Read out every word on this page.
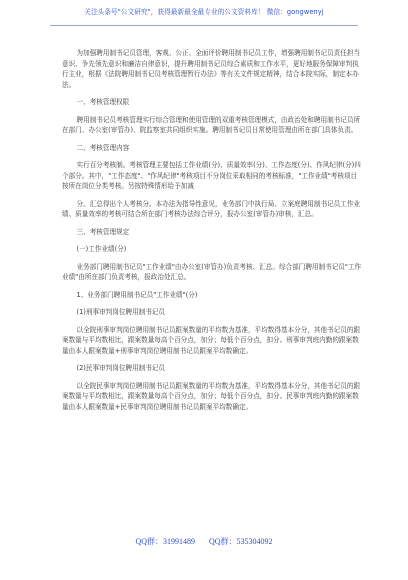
关注头条号"公文研究"，获得最新最全最专业的公文资料库！ 微信：gongwenyj

为加强聘用制书记员管理，客观、公正、全面评价聘用制书记员工作，增强聘用制书记员责任担当意识、争先领先意识和廉洁自律意识，提升聘用制书记员综合素质和工作水平，更好地服务保障审判执行主业，根据《法院聘用制书记员考核管理暂行办法》等有关文件规定精神，结合本院实际，制定本办法。

一、考核管理权限

聘用制书记员考核管理实行综合管理和使用管理的双重考核管理模式，由政治处和聘用制书记员所在部门、办公室(审管办)、院监察室共同组织实施。聘用制书记员日常使用管理由所在部门具体负责。

二、考核管理内容

实行百分考核制。考核管理主要包括工作业绩(分)、质量效率(分)、工作态度(分)、作风纪律(分)四个部分。其中，"工作态度"、"作风纪律"考核项目不分岗位采取相同的考核标准，"工作业绩"考核项目按所在岗位分类考核。另按特殊情形给予加减

分。汇总得出个人考核分。本办法为指导性意见，业务部门中执行局、立案庭聘用制书记员工作业绩、质量效率的考核可结合所在部门考核办法综合评分，报办公室(审管办)审核，汇总。

三、考核管理规定

(一)工作业绩(分)

业务部门聘用制书记员"工作业绩"由办公室(审管办)负责考核、汇总。综合部门聘用制书记员"工作业绩"由所在部门负责考核，报政治处汇总。

1、业务部门聘用制书记员"工作业绩"(分)

(1)刑事审判岗位聘用制书记员

以全院刑事审判岗位聘用制书记员跟案数量的平均数为基准，平均数得基本分分，其他书记员的跟案数量与平均数相比，跟案数量每高个百分点，加分；每低个百分点，扣分。刑事审判庭内勤的跟案数量由本人跟案数量+刑事审判岗位聘用制书记员跟案平均数确定。

(2)民事审判岗位聘用制书记员

以全院民事审判岗位聘用制书记员跟案数量的平均数为基准，平均数得基本分分，其他书记员的跟案数量与平均数相比，跟案数量每高个百分点，加分；每低个百分点，扣分。民事审判庭内勤的跟案数量由本人跟案数量+民事审判岗位聘用制书记员跟案平均数确定。

QQ群：31991489 QQ群：535304092
